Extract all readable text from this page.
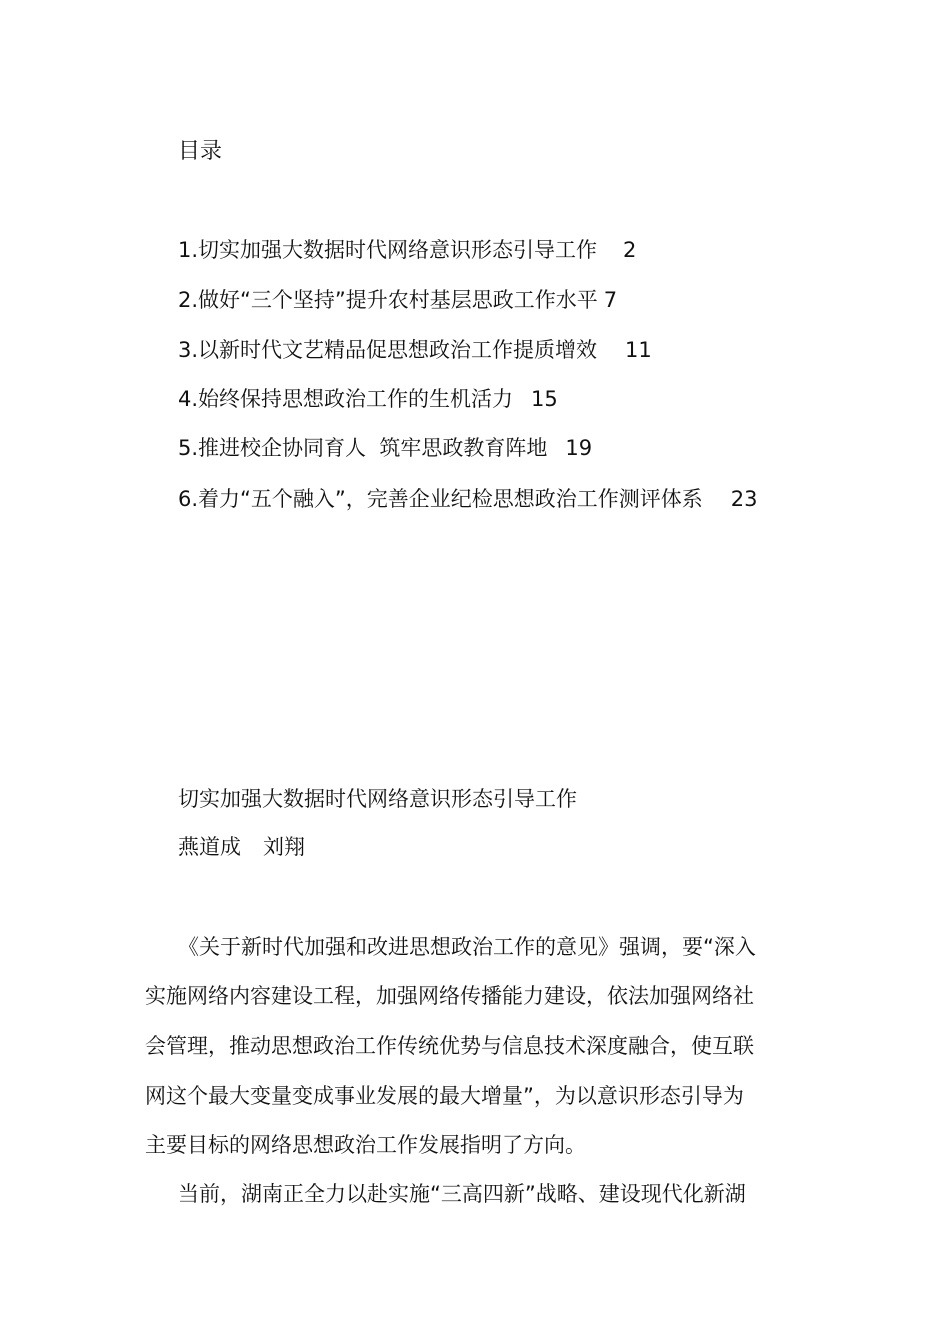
目录
1.切实加强大数据时代网络意识形态引导工作 2
2.做好“三个坚持”提升农村基层思政工作水平 7
3.以新时代文艺精品促思想政治工作提质增效 11
4.始终保持思想政治工作的生机活力 15
5.推进校企协同育人  筑牢思政教育阵地 19
6.着力“五个融入”，完善企业纪检思想政治工作测评体系 23
切实加强大数据时代网络意识形态引导工作
燕道成 刘翔
《关于新时代加强和改进思想政治工作的意见》强调，要“深入
实施网络内容建设工程，加强网络传播能力建设，依法加强网络社
会管理，推动思想政治工作传统优势与信息技术深度融合，使互联
网这个最大变量变成事业发展的最大增量”，为以意识形态引导为
主要目标的网络思想政治工作发展指明了方向。
当前，湖南正全力以赴实施“三高四新”战略、建设现代化新湖
